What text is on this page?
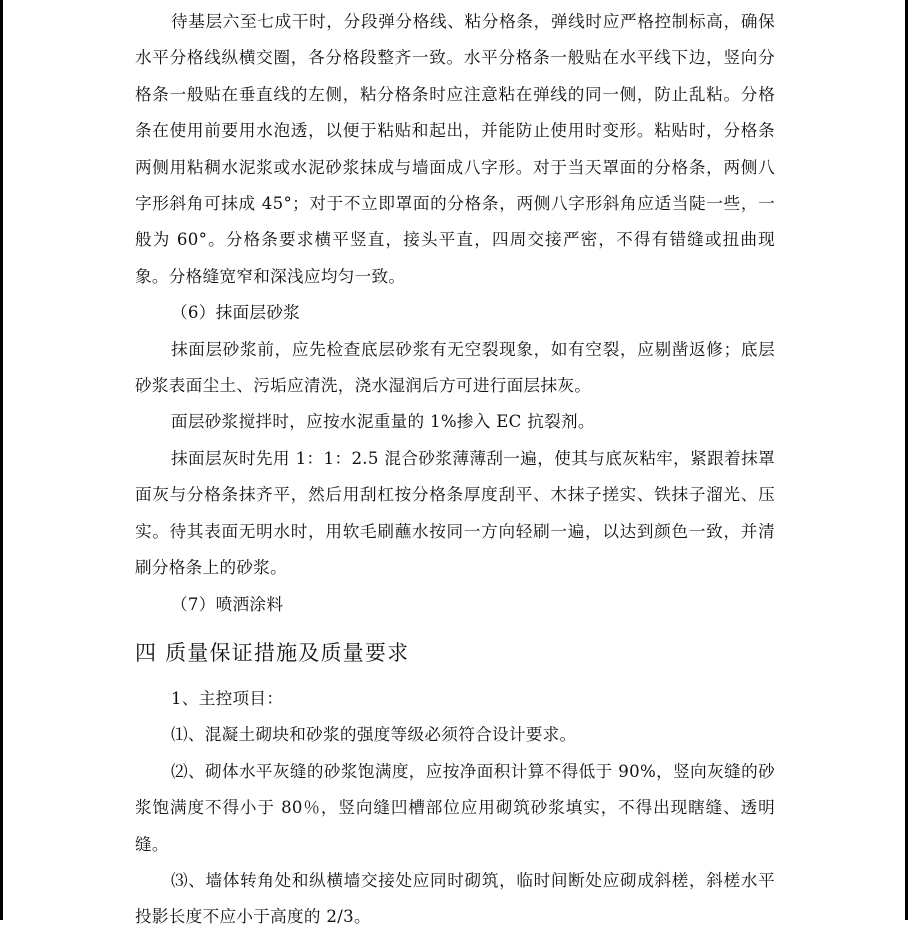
待基层六至七成干时，分段弹分格线、粘分格条，弹线时应严格控制标高，确保水平分格线纵横交圈，各分格段整齐一致。水平分格条一般贴在水平线下边，竖向分格条一般贴在垂直线的左侧，粘分格条时应注意粘在弹线的同一侧，防止乱粘。分格条在使用前要用水泡透，以便于粘贴和起出，并能防止使用时变形。粘贴时，分格条两侧用粘稠水泥浆或水泥砂浆抹成与墙面成八字形。对于当天罩面的分格条，两侧八字形斜角可抹成 45°；对于不立即罩面的分格条，两侧八字形斜角应适当陡一些，一般为 60°。分格条要求横平竖直，接头平直，四周交接严密，不得有错缝或扭曲现象。分格缝宽窄和深浅应均匀一致。

（6）抹面层砂浆

抹面层砂浆前，应先检查底层砂浆有无空裂现象，如有空裂，应剔凿返修；底层砂浆表面尘土、污垢应清洗，浇水湿润后方可进行面层抹灰。

面层砂浆搅拌时，应按水泥重量的 1%掺入 EC 抗裂剂。

抹面层灰时先用 1：1：2.5 混合砂浆薄薄刮一遍，使其与底灰粘牢，紧跟着抹罩面灰与分格条抹齐平，然后用刮杠按分格条厚度刮平、木抹子搓实、铁抹子溜光、压实。待其表面无明水时，用软毛刷蘸水按同一方向轻刷一遍，以达到颜色一致，并清刷分格条上的砂浆。

（7）喷洒涂料

四 质量保证措施及质量要求

1、主控项目：

⑴、混凝土砌块和砂浆的强度等级必须符合设计要求。

⑵、砌体水平灰缝的砂浆饱满度，应按净面积计算不得低于 90%，竖向灰缝的砂浆饱满度不得小于 80％，竖向缝凹槽部位应用砌筑砂浆填实，不得出现瞎缝、透明缝。

⑶、墙体转角处和纵横墙交接处应同时砌筑，临时间断处应砌成斜槎，斜槎水平投影长度不应小于高度的 2/3。
